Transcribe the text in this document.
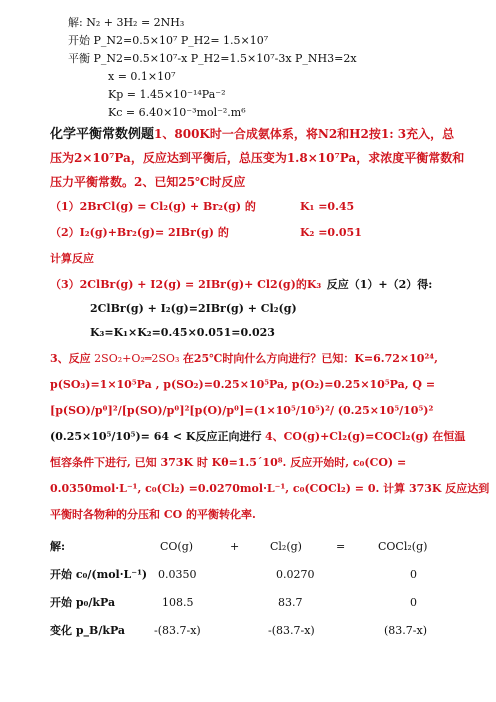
解: N₂ + 3H₂ = 2NH₃
开始 P_N2=0.5×10⁷ P_H2= 1.5×10⁷
平衡 P_N2=0.5×10⁷-x P_H2=1.5×10⁷-3x P_NH3=2x
x = 0.1×10⁷
Kp = 1.45×10⁻¹⁴Pa⁻²
Kc = 6.40×10⁻³mol⁻².m⁶
化学平衡常数例题1、800K时一合成氨体系，将N2和H2按1: 3充入，总
压为2×10⁷Pa，反应达到平衡后，总压变为1.8×10⁷Pa，求浓度平衡常数和
压力平衡常数。2、已知25℃时反应
（1）2BrCl(g) = Cl₂(g) + Br₂(g) 的	K₁ =0.45
（2）I₂(g)+Br₂(g)= 2IBr(g) 的	K₂ =0.051
计算反应
（3）2ClBr(g) + I2(g) = 2IBr(g)+ Cl2(g)的K₃ 反应（1）+（2）得:
2ClBr(g) + I₂(g)=2IBr(g) + Cl₂(g)
K₃=K₁×K₂=0.45×0.051=0.023
3、反应 2SO₂+O₂═2SO₃ 在25℃时向什么方向进行？已知：K=6.72×10²⁴,
p(SO₃)=1×10⁵Pa , p(SO₂)=0.25×10⁵Pa, p(O₂)=0.25×10⁵Pa, Q =
[p(SO)/pᶿ]²/[p(SO)/pᶿ]²[p(O)/pᶿ]=(1×10⁵/10⁵)²/ (0.25×10⁵/10⁵)²
(0.25×10⁵/10⁵)= 64 < K反应正向进行 4、CO(g)+Cl₂(g)=COCl₂(g) 在恒温
恒容条件下进行, 已知 373K 时 Kθ=1.5´10⁸. 反应开始时, c₀(CO) =
0.0350mol·L⁻¹, c₀(Cl₂) =0.0270mol·L⁻¹, c₀(COCl₂) = 0. 计算 373K 反应达到
平衡时各物种的分压和 CO 的平衡转化率.
解:	CO(g)	+	Cl₂(g)	=	COCl₂(g)
开始 c₀/(mol·L⁻¹) 0.0350	0.0270	0
开始 p₀/kPa	108.5	83.7	0
变化 p_B/kPa	-(83.7-x)	-(83.7-x)	(83.7-x)
